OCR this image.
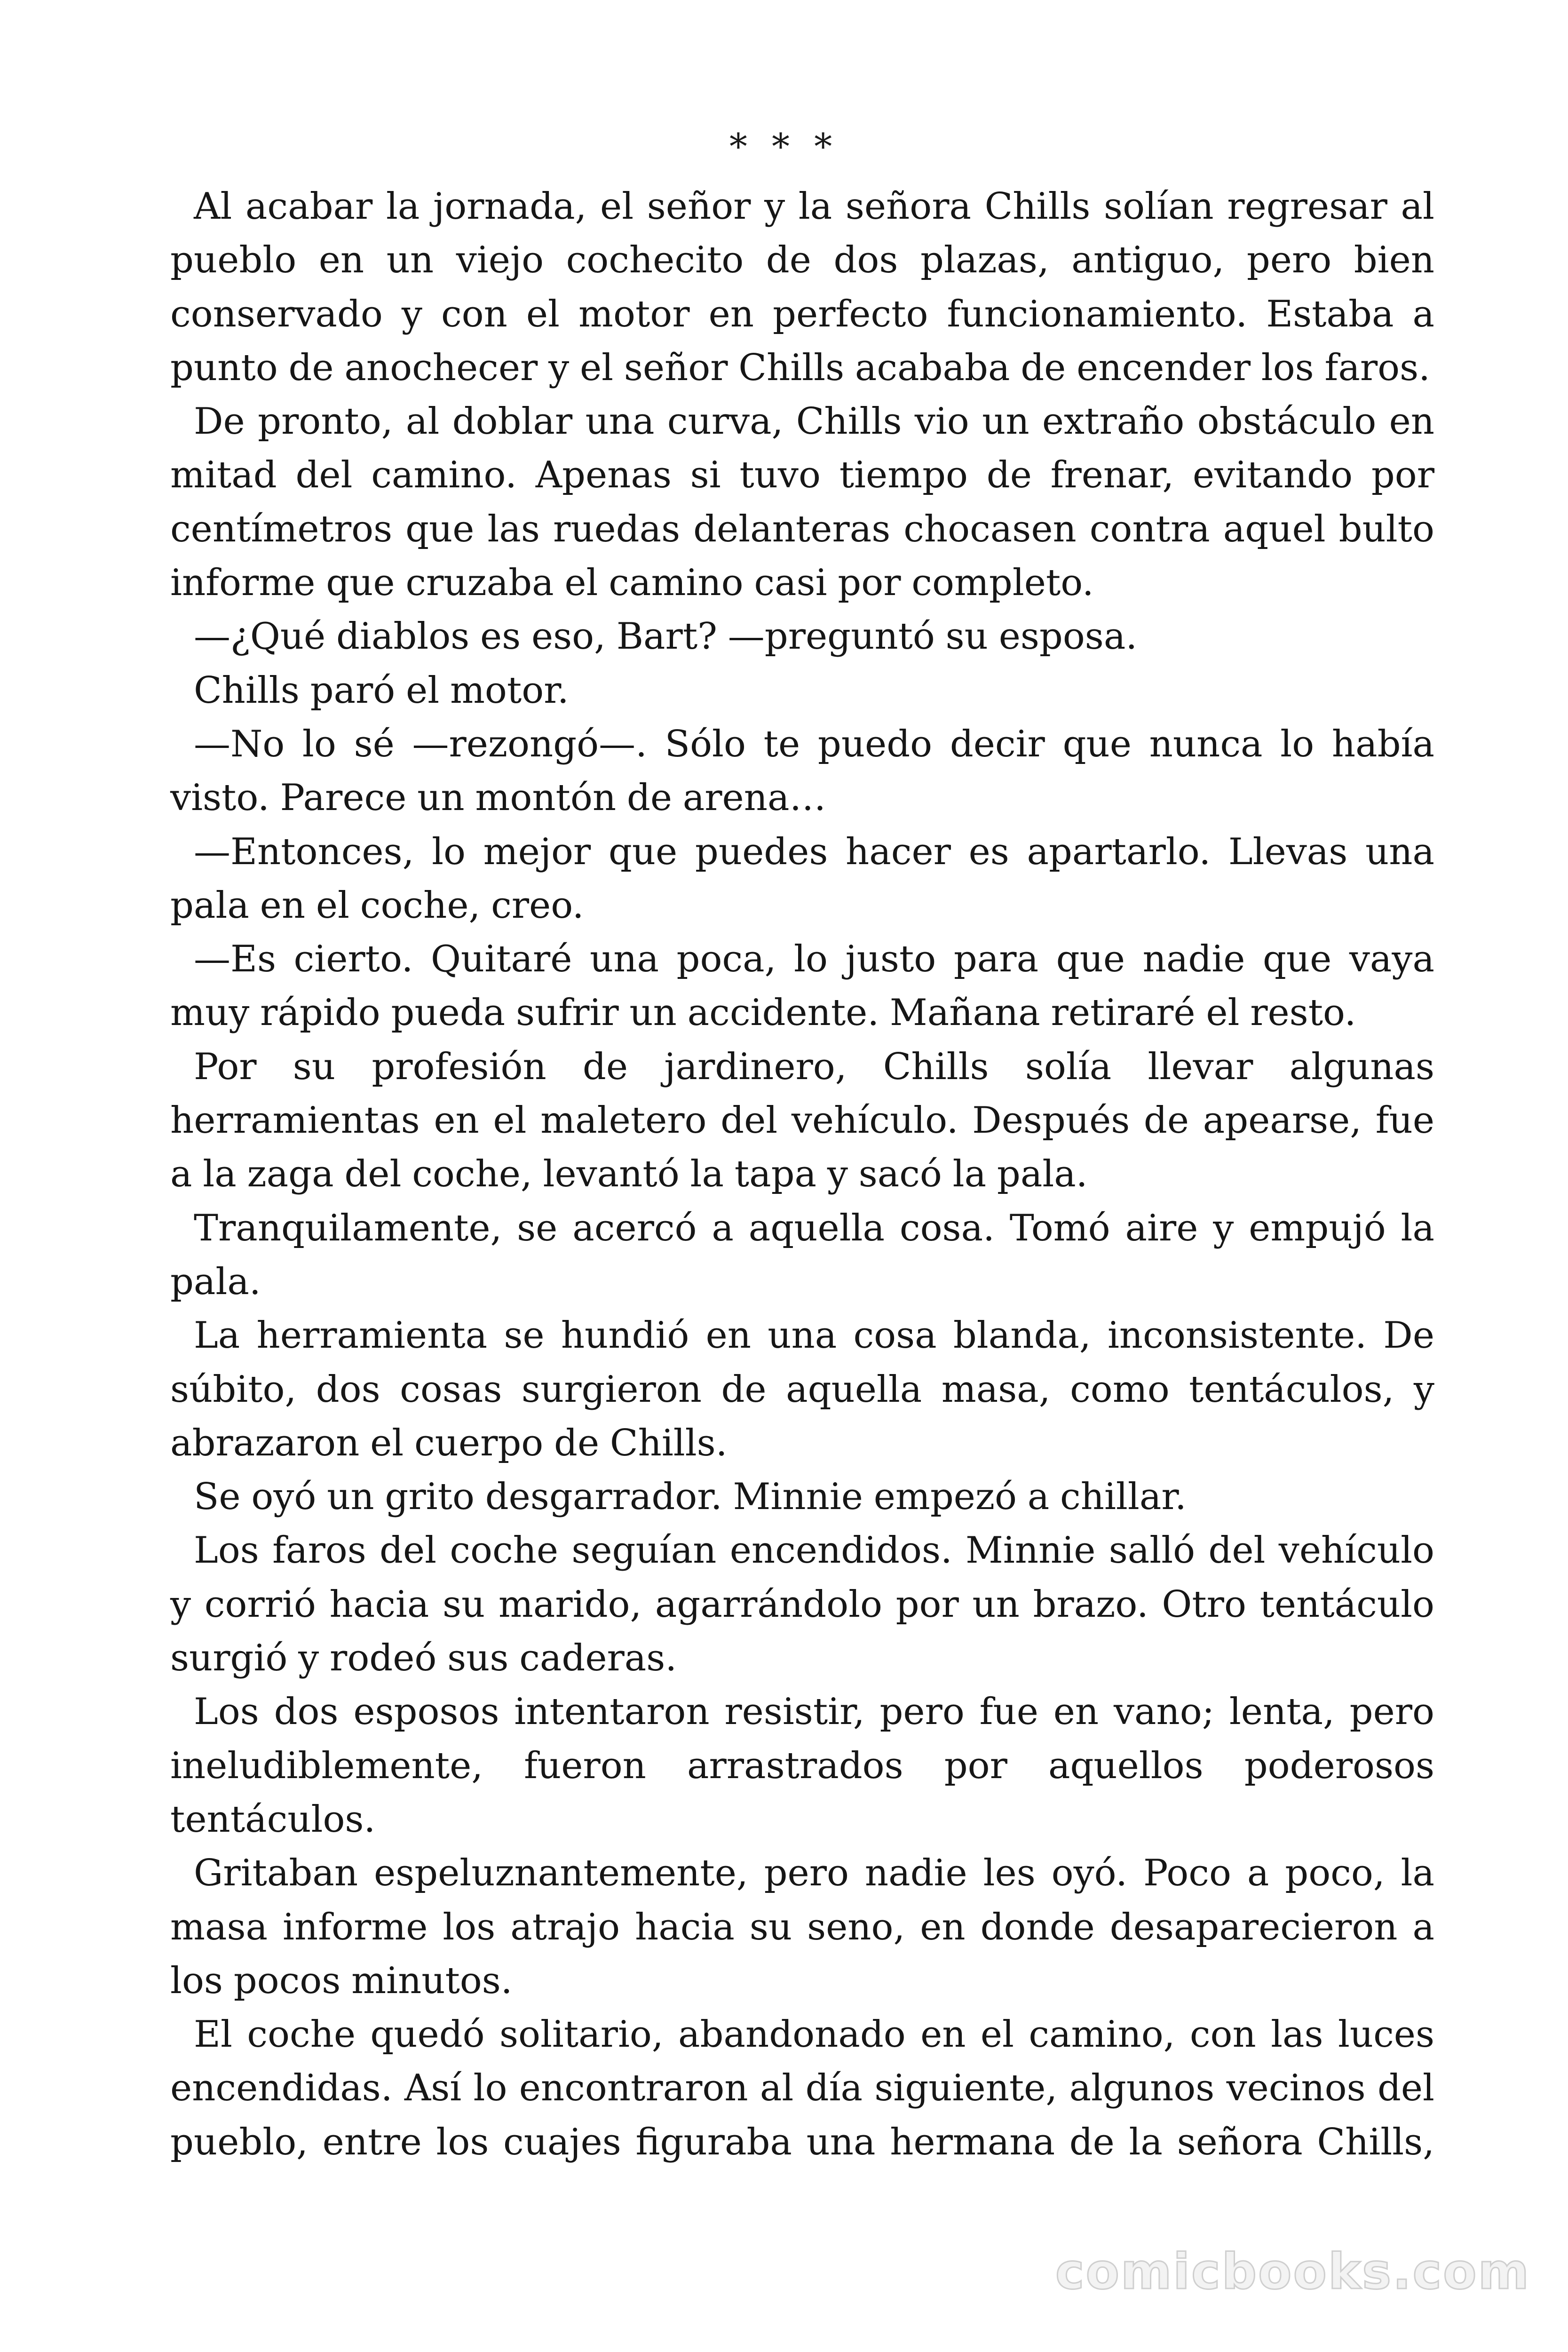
* * *

Al acabar la jornada, el señor y la señora Chills solían regresar al pueblo en un viejo cochecito de dos plazas, antiguo, pero bien conservado y con el motor en perfecto funcionamiento. Estaba a punto de anochecer y el señor Chills acababa de encender los faros.

De pronto, al doblar una curva, Chills vio un extraño obstáculo en mitad del camino. Apenas si tuvo tiempo de frenar, evitando por centímetros que las ruedas delanteras chocasen contra aquel bulto informe que cruzaba el camino casi por completo.

—¿Qué diablos es eso, Bart? —preguntó su esposa.

Chills paró el motor.

—No lo sé —rezongó—. Sólo te puedo decir que nunca lo había visto. Parece un montón de arena…

—Entonces, lo mejor que puedes hacer es apartarlo. Llevas una pala en el coche, creo.

—Es cierto. Quitaré una poca, lo justo para que nadie que vaya muy rápido pueda sufrir un accidente. Mañana retiraré el resto.

Por su profesión de jardinero, Chills solía llevar algunas herramientas en el maletero del vehículo. Después de apearse, fue a la zaga del coche, levantó la tapa y sacó la pala.

Tranquilamente, se acercó a aquella cosa. Tomó aire y empujó la pala.

La herramienta se hundió en una cosa blanda, inconsistente. De súbito, dos cosas surgieron de aquella masa, como tentáculos, y abrazaron el cuerpo de Chills.

Se oyó un grito desgarrador. Minnie empezó a chillar.

Los faros del coche seguían encendidos. Minnie salló del vehículo y corrió hacia su marido, agarrándolo por un brazo. Otro tentáculo surgió y rodeó sus caderas.

Los dos esposos intentaron resistir, pero fue en vano; lenta, pero ineludiblemente, fueron arrastrados por aquellos poderosos tentáculos.

Gritaban espeluznantemente, pero nadie les oyó. Poco a poco, la masa informe los atrajo hacia su seno, en donde desaparecieron a los pocos minutos.

El coche quedó solitario, abandonado en el camino, con las luces encendidas. Así lo encontraron al día siguiente, algunos vecinos del pueblo, entre los cuajes figuraba una hermana de la señora Chills,

comicbooks.com
